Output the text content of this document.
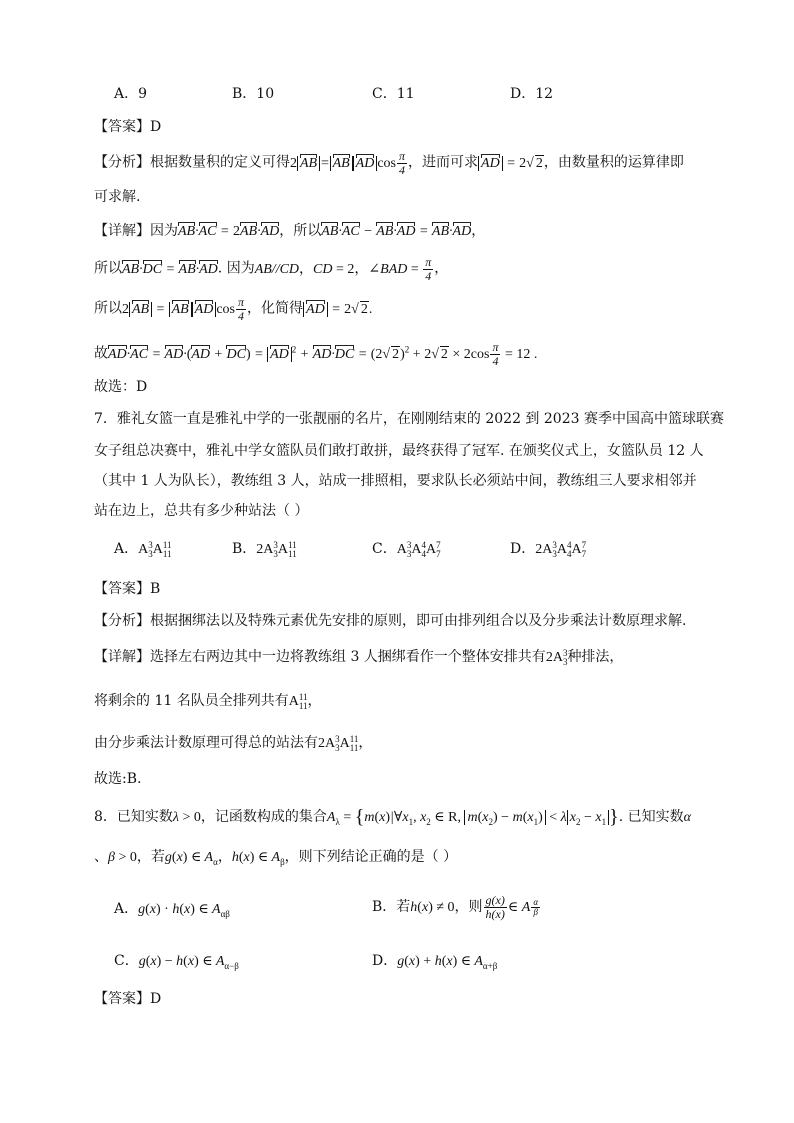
A．9	B．10	C．11	D．12
【答案】D
【分析】根据数量积的定义可得2 AB = AB AD $\cos \frac{\pi}{4}$ ，进而可求 AD = 2√ 2，由数量积的运算律即
可求解.
【详解】因为AB·AC = 2AB·AD，所以AB·AC − AB·AD = AB·AD，
所以AB·DC = AB·AD. 因为AB//CD，CD = 2，∠BAD = $\frac{\pi}{4}$ ，
所以2 AB = AB AD $\cos \frac{\pi}{4}$ ，化简得 AD = 2√ 2.
故AD·AC = AD·(AD + DC) = AD $^2$ + AD·DC = (2√ 2)$^2$ + 2√ $2 \times 2\cos \frac{\pi}{4} = 12$ .
故选：D
7．雅礼女篮一直是雅礼中学的一张靓丽的名片，在刚刚结束的 2022 到 2023 赛季中国高中篮球联赛
女子组总决赛中，雅礼中学女篮队员们敢打敢拼，最终获得了冠军. 在颁奖仪式上，女篮队员 12 人
（其中 1 人为队长），教练组 3 人，站成一排照相，要求队长必须站中间，教练组三人要求相邻并
站在边上，总共有多少种站法（ ）
A．A 3
3 A 11
11	B．2A 3
3 A 11
11	C．A 3
3 A 4
4 A 7
7	D．2A 3
3 A 4
4 A 7
7
【答案】B
【分析】根据捆绑法以及特殊元素优先安排的原则，即可由排列组合以及分步乘法计数原理求解.
【详解】选择左右两边其中一边将教练组 3 人捆绑看作一个整体安排共有2A 3
3 种排法，
将剩余的 11 名队员全排列共有A 11
11 ，
由分步乘法计数原理可得总的站法有2A 3
3 A 11
11 ，
故选:B.
8．已知实数λ > 0，记函数构成的集合$A_\lambda$ = {$m(x)|\forall x_1$, $x_2$ ∈ R, $m(x_2) - m(x_1) < \lambda$ $x_2 - x_1$ }. 已知实数α
、β > 0，若g(x) ∈ $A_\alpha$，h(x) ∈ $A_\beta$，则下列结论正确的是（ ）
A．g(x) · h(x) ∈ $A_{\alpha\beta}$	B．若h(x) ≠ 0，则 $\frac{g(x)}{h(x)}$ ∈ A $\frac{\alpha}{\beta}$
C．g(x) − h(x) ∈ $A_{\alpha-\beta}$	D．g(x) + h(x) ∈ $A_{\alpha+\beta}$
【答案】D
